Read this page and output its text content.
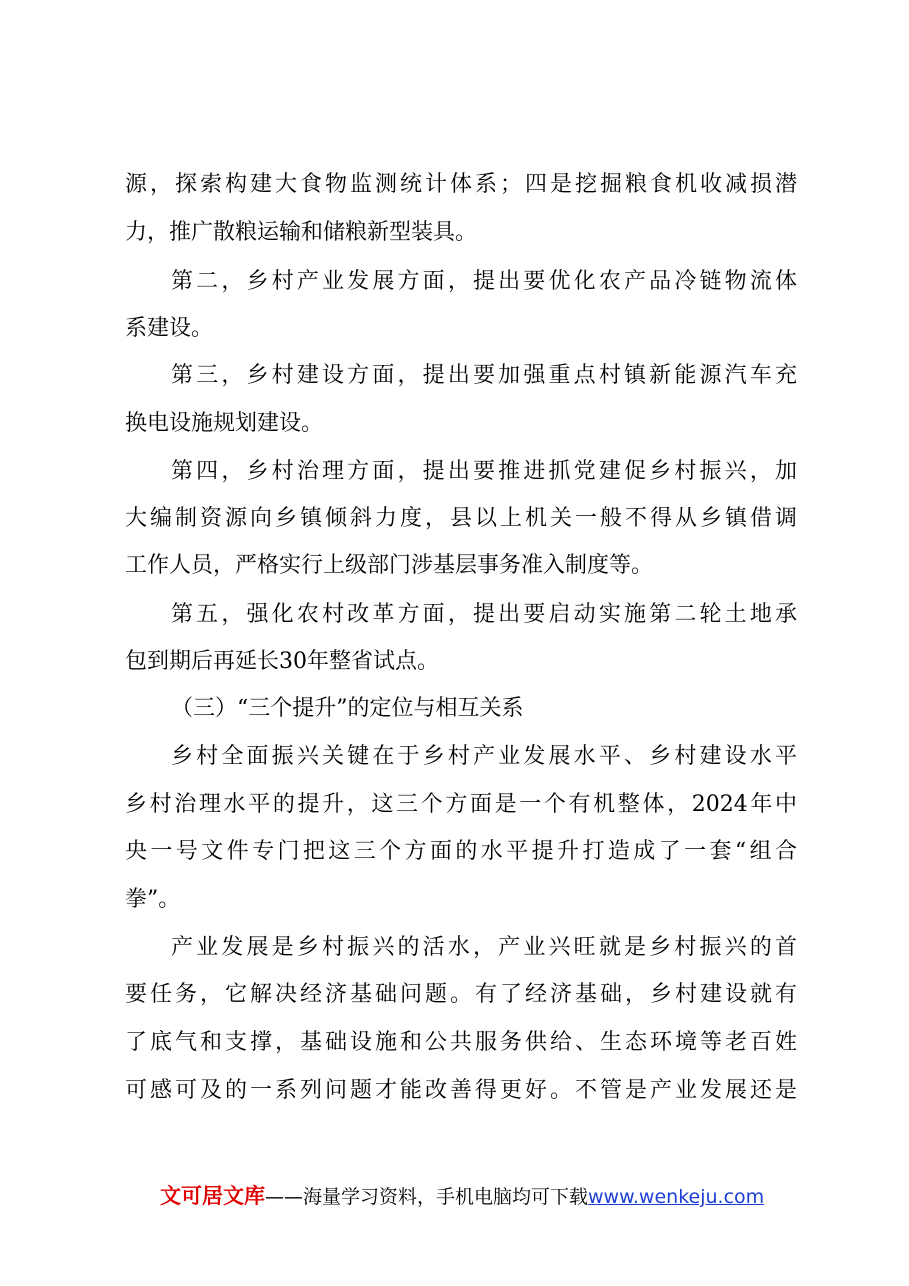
源，探索构建大食物监测统计体系；四是挖掘粮食机收减损潜
力，推广散粮运输和储粮新型装具。
第二，乡村产业发展方面，提出要优化农产品冷链物流体
系建设。
第三，乡村建设方面，提出要加强重点村镇新能源汽车充
换电设施规划建设。
第四，乡村治理方面，提出要推进抓党建促乡村振兴，加
大编制资源向乡镇倾斜力度，县以上机关一般不得从乡镇借调
工作人员，严格实行上级部门涉基层事务准入制度等。
第五，强化农村改革方面，提出要启动实施第二轮土地承
包到期后再延长30年整省试点。
（三）“三个提升”的定位与相互关系
乡村全面振兴关键在于乡村产业发展水平、乡村建设水平
乡村治理水平的提升，这三个方面是一个有机整体，2024年中
央一号文件专门把这三个方面的水平提升打造成了一套“组合
拳”。
产业发展是乡村振兴的活水，产业兴旺就是乡村振兴的首
要任务，它解决经济基础问题。有了经济基础，乡村建设就有
了底气和支撑，基础设施和公共服务供给、生态环境等老百姓
可感可及的一系列问题才能改善得更好。不管是产业发展还是
文可居文库——海量学习资料，手机电脑均可下载www.wenkeju.com
